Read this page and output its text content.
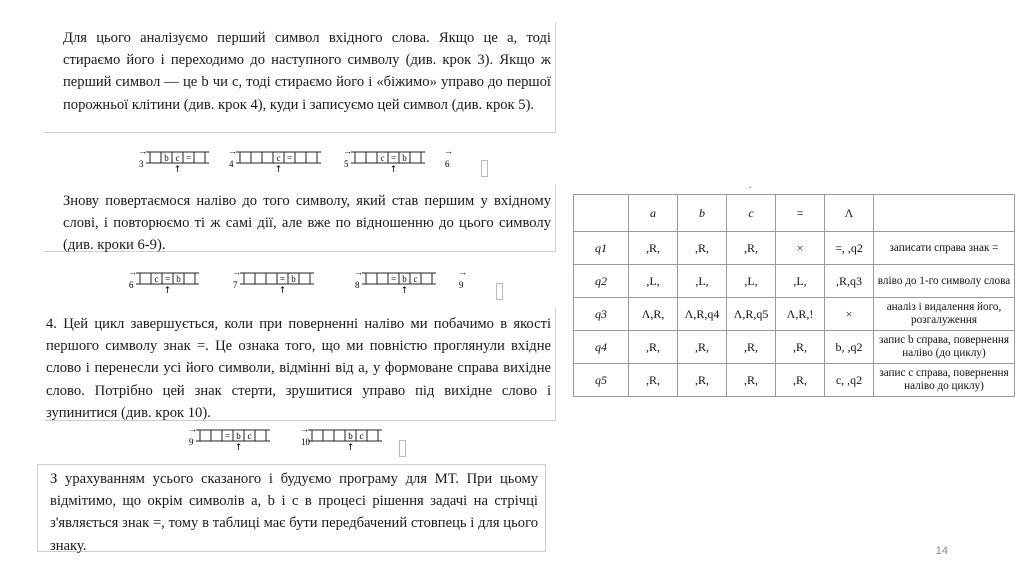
Для цього аналізуємо перший символ вхідного слова. Якщо це a, тоді стираємо його і переходимо до наступного символу (див. крок 3). Якщо ж перший символ — це b чи c, тоді стираємо його і «біжимо» управо до першої порожньої клітини (див. крок 4), куди і записуємо цей символ (див. крок 5).
Знову повертаємося наліво до того символу, який став першим у вхідному слові, і повторюємо ті ж самі дії, але вже по відношенню до цього символу (див. кроки 6-9).
4. Цей цикл завершується, коли при поверненні наліво ми побачимо в якості першого символу знак =. Це ознака того, що ми повністю проглянули вхідне слово і перенесли усі його символи, відмінні від a, у формоване справа вихідне слово. Потрібно цей знак стерти, зрушитися управо під вихідне слово і зупинитися (див. крок 10).
З урахуванням усього сказаного і будуємо програму для МТ. При цьому відмітимо, що окрім символів a, b і c в процесі рішення задачі на стрічці з'являється знак =, тому в таблиці має бути передбачений стовпець і для цього знаку.
→
3
b c =
↑
→
4
c =
↑
→
5
c = b
↑
→
6
→
6
c = b
↑
→
7
= b
↑
→
8
= b c
↑
→
9
→
9
= b c
↑
→
10
b c
↑
.
	a	b	c	=	Λ	
q1	,R,	,R,	,R,	×	=, ,q2	записати справа знак =
q2	,L,	,L,	,L,	,L,	,R,q3	вліво до 1-го символу слова
q3	Λ,R,	Λ,R,q4	Λ,R,q5	Λ,R,!	×	аналіз і видалення його, розгалуження
q4	,R,	,R,	,R,	,R,	b, ,q2	запис b справа, повернення наліво (до циклу)
q5	,R,	,R,	,R,	,R,	c, ,q2	запис c справа, повернення наліво до циклу)
14
